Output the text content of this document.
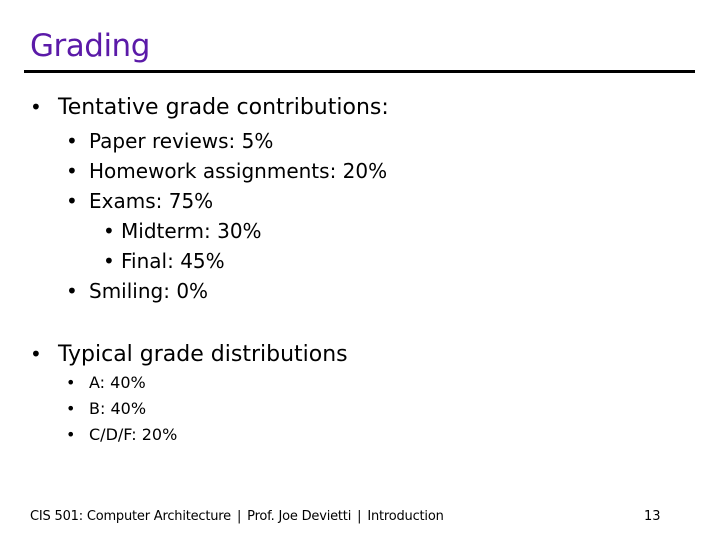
Grading
• Tentative grade contributions:
• Paper reviews: 5%
• Homework assignments: 20%
• Exams: 75%
• Midterm: 30%
• Final: 45%
• Smiling: 0%
• Typical grade distributions
• A: 40%
• B: 40%
• C/D/F: 20%
CIS 501: Computer Architecture | Prof. Joe Devietti | Introduction	13
